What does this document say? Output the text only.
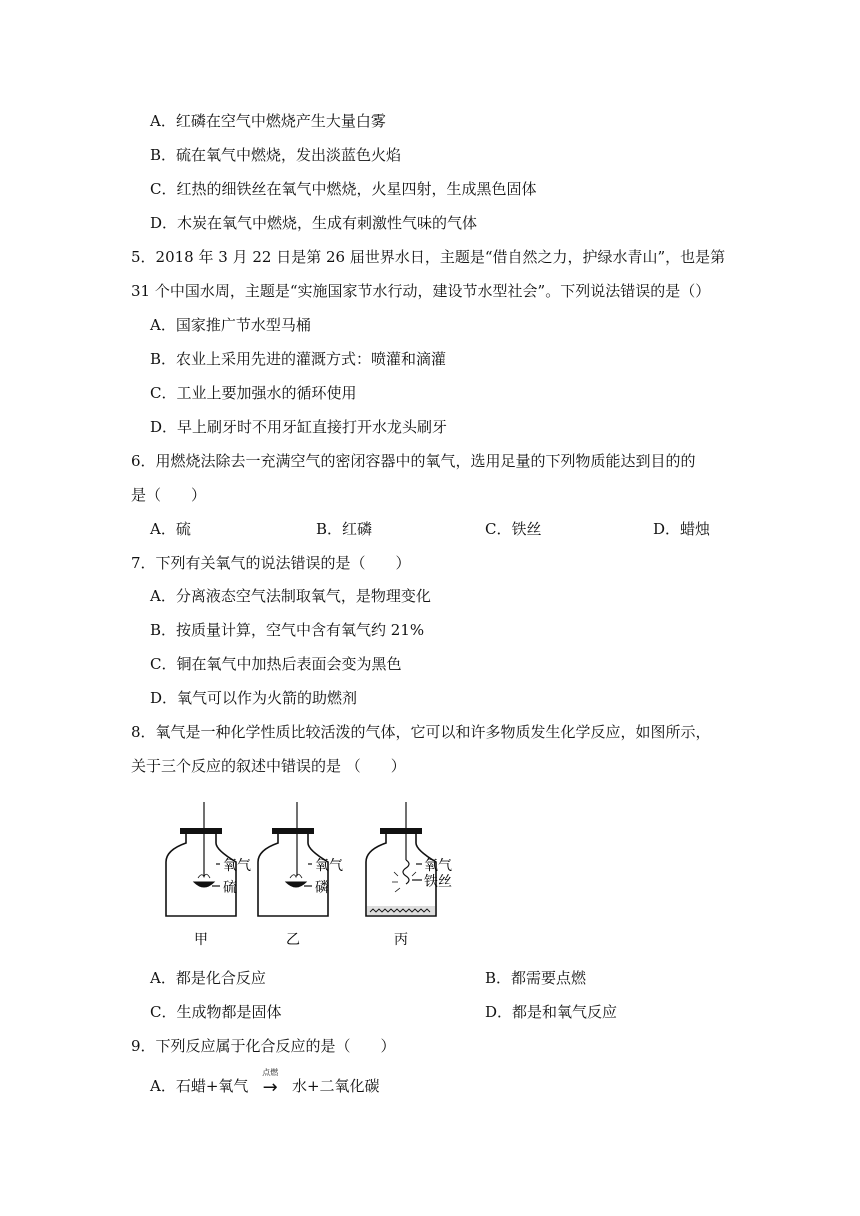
A．红磷在空气中燃烧产生大量白雾
B．硫在氧气中燃烧，发出淡蓝色火焰
C．红热的细铁丝在氧气中燃烧，火星四射，生成黑色固体
D．木炭在氧气中燃烧，生成有刺激性气味的气体
5．2018 年 3 月 22 日是第 26 届世界水日，主题是“借自然之力，护绿水青山”，也是第
31 个中国水周，主题是“实施国家节水行动，建设节水型社会”。下列说法错误的是（）
A．国家推广节水型马桶
B．农业上采用先进的灌溉方式：喷灌和滴灌
C．工业上要加强水的循环使用
D．早上刷牙时不用牙缸直接打开水龙头刷牙
6．用燃烧法除去一充满空气的密闭容器中的氧气，选用足量的下列物质能达到目的的
是（　　）
A．硫	B．红磷	C．铁丝	D．蜡烛
7．下列有关氧气的说法错误的是（　　）
A．分离液态空气法制取氧气，是物理变化
B．按质量计算，空气中含有氧气约 21%
C．铜在氧气中加热后表面会变为黑色
D．氧气可以作为火箭的助燃剂
8．氧气是一种化学性质比较活泼的气体，它可以和许多物质发生化学反应，如图所示，
关于三个反应的叙述中错误的是 （　　）
氧气
硫
甲
氧气
磷
乙
氧气
铁丝
丙
A．都是化合反应	B．都需要点燃
C．生成物都是固体	D．都是和氧气反应
9．下列反应属于化合反应的是（　　）
A．石蜡+氧气
点燃
→ 水+二氧化碳
